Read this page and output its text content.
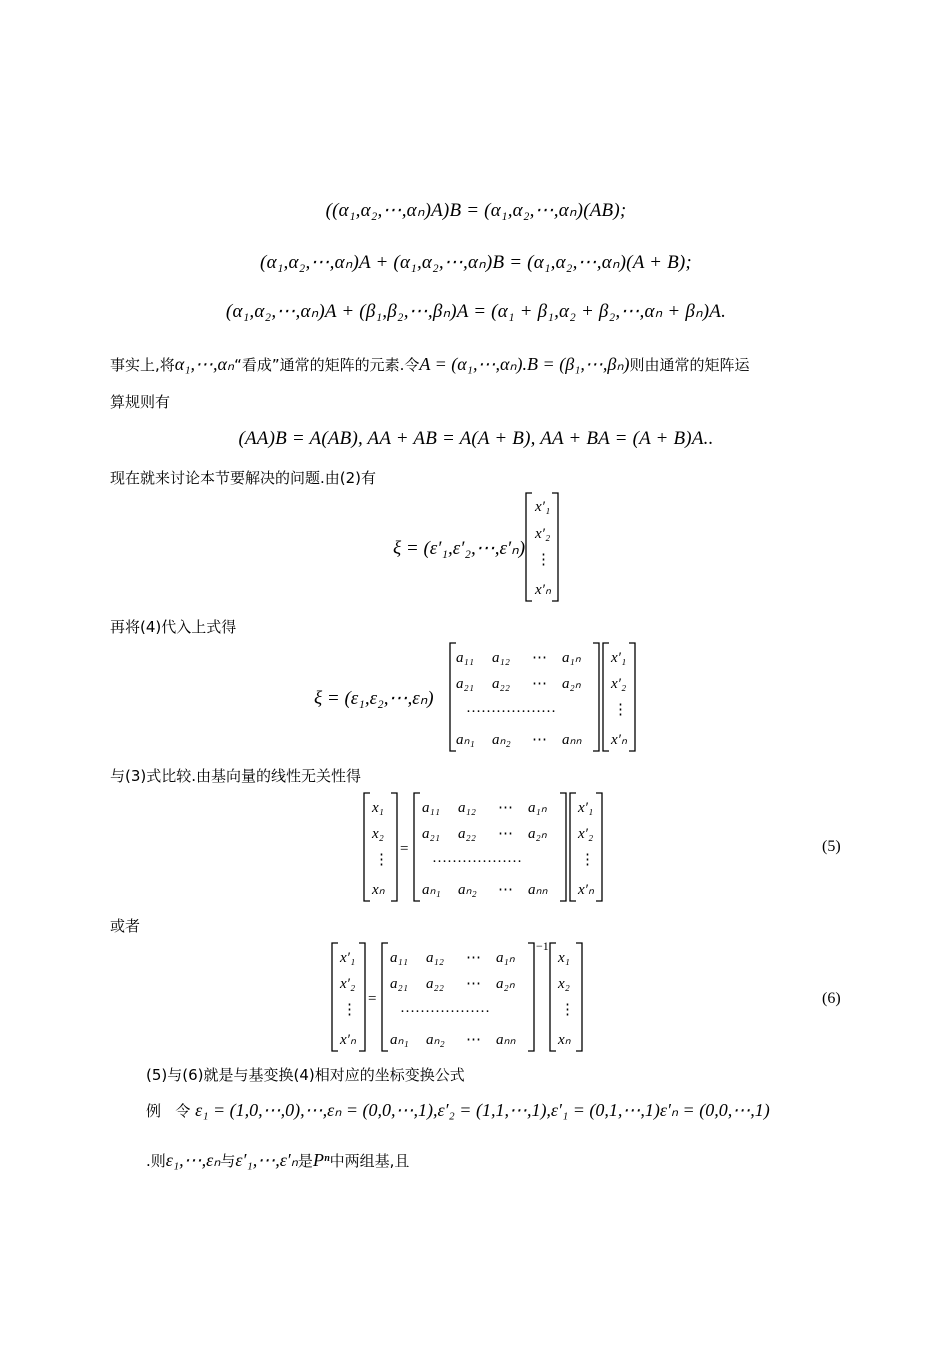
((α₁,α₂,⋯,αₙ)A)B = (α₁,α₂,⋯,αₙ)(AB);
(α₁,α₂,⋯,αₙ)A + (α₁,α₂,⋯,αₙ)B = (α₁,α₂,⋯,αₙ)(A + B);
(α₁,α₂,⋯,αₙ)A + (β₁,β₂,⋯,βₙ)A = (α₁ + β₁,α₂ + β₂,⋯,αₙ + βₙ)A.
事实上,将α₁,⋯,αₙ“看成”通常的矩阵的元素.令A = (α₁,⋯,αₙ).B = (β₁,⋯,βₙ)则由通常的矩阵运
算规则有
(AA)B = A(AB), AA + AB = A(A + B), AA + BA = (A + B)A..
现在就来讨论本节要解决的问题.由(2)有
ξ = (ε′₁,ε′₂,⋯,ε′ₙ)
x′₁
x′₂
⋮
x′ₙ
再将(4)代入上式得
ξ = (ε₁,ε₂,⋯,εₙ)
a₁₁ a₁₂ ⋯ a₁ₙ
a₂₁ a₂₂ ⋯ a₂ₙ
………………
aₙ₁ aₙ₂ ⋯ aₙₙ
x′₁
x′₂
⋮
x′ₙ
与(3)式比较.由基向量的线性无关性得
x₁
x₂
⋮
xₙ
=
a₁₁ a₁₂ ⋯ a₁ₙ
a₂₁ a₂₂ ⋯ a₂ₙ
………………
aₙ₁ aₙ₂ ⋯ aₙₙ
x′₁
x′₂
⋮
x′ₙ
(5)
或者
x′₁
x′₂
⋮
x′ₙ
=
−1
a₁₁ a₁₂ ⋯ a₁ₙ
a₂₁ a₂₂ ⋯ a₂ₙ
………………
aₙ₁ aₙ₂ ⋯ aₙₙ
x₁
x₂
⋮
xₙ
(6)
(5)与(6)就是与基变换(4)相对应的坐标变换公式
例 令 ε₁ = (1,0,⋯,0),⋯,εₙ = (0,0,⋯,1),ε′₂ = (1,1,⋯,1),ε′₁ = (0,1,⋯,1)ε′ₙ = (0,0,⋯,1)
.则ε₁,⋯,εₙ与ε′₁,⋯,ε′ₙ是Pⁿ中两组基,且
